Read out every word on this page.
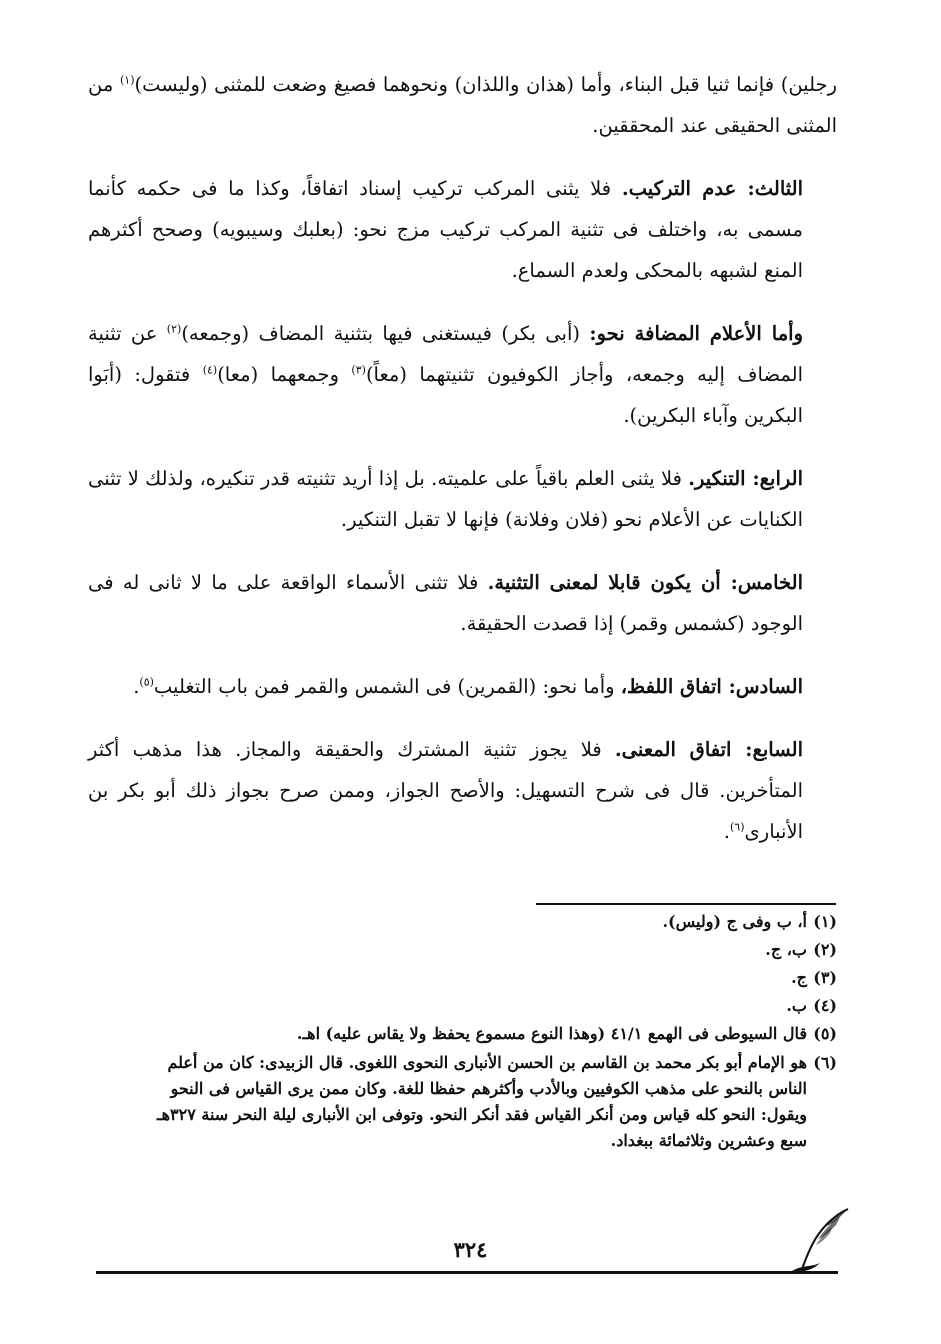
رجلين) فإنما ثنيا قبل البناء، وأما (هذان واللذان) ونحوهما فصيغ وضعت للمثنى (وليست)$^{(١)}$ من المثنى الحقيقى عند المحققين.

الثالث: عدم التركيب. فلا يثنى المركب تركيب إسناد اتفاقاً، وكذا ما فى حكمه كأنما مسمى به، واختلف فى تثنية المركب تركيب مزج نحو: (بعلبك وسيبويه) وصحح أكثرهم المنع لشبهه بالمحكى ولعدم السماع.

وأما الأعلام المضافة نحو: (أبى بكر) فيستغنى فيها بتثنية المضاف (وجمعه)$^{(٢)}$ عن تثنية المضاف إليه وجمعه، وأجاز الكوفيون تثنيتهما (معاً)$^{(٣)}$ وجمعهما (معا)$^{(٤)}$ فتقول: (أبَوا البكرين وآباء البكرين).

الرابع: التنكير. فلا يثنى العلم باقياً على علميته. بل إذا أريد تثنيته قدر تنكيره، ولذلك لا تثنى الكنايات عن الأعلام نحو (فلان وفلانة) فإنها لا تقبل التنكير.

الخامس: أن يكون قابلا لمعنى التثنية. فلا تثنى الأسماء الواقعة على ما لا ثانى له فى الوجود (كشمس وقمر) إذا قصدت الحقيقة.

السادس: اتفاق اللفظ، وأما نحو: (القمرين) فى الشمس والقمر فمن باب التغليب$^{(٥)}$.

السابع: اتفاق المعنى. فلا يجوز تثنية المشترك والحقيقة والمجاز. هذا مذهب أكثر المتأخرين. قال فى شرح التسهيل: والأصح الجواز، وممن صرح بجواز ذلك أبو بكر بن الأنبارى$^{(٦)}$.

(١)
أ، ب وفى ج (وليس).
(٢)
ب، ج.
(٣)
ج.
(٤)
ب.
(٥)
قال السيوطى فى الهمع ٤١/١ (وهذا النوع مسموع يحفظ ولا يقاس عليه) اهـ.
(٦)
هو الإمام أبو بكر محمد بن القاسم بن الحسن الأنبارى النحوى اللغوى. قال الزبيدى: كان من أعلم الناس بالنحو على مذهب الكوفيين وبالأدب وأكثرهم حفظا للغة. وكان ممن يرى القياس فى النحو ويقول: النحو كله قياس ومن أنكر القياس فقد أنكر النحو. وتوفى ابن الأنبارى ليلة النحر سنة ٣٢٧هـ سبع وعشرين وثلاثمائة ببغداد.
٣٢٤
